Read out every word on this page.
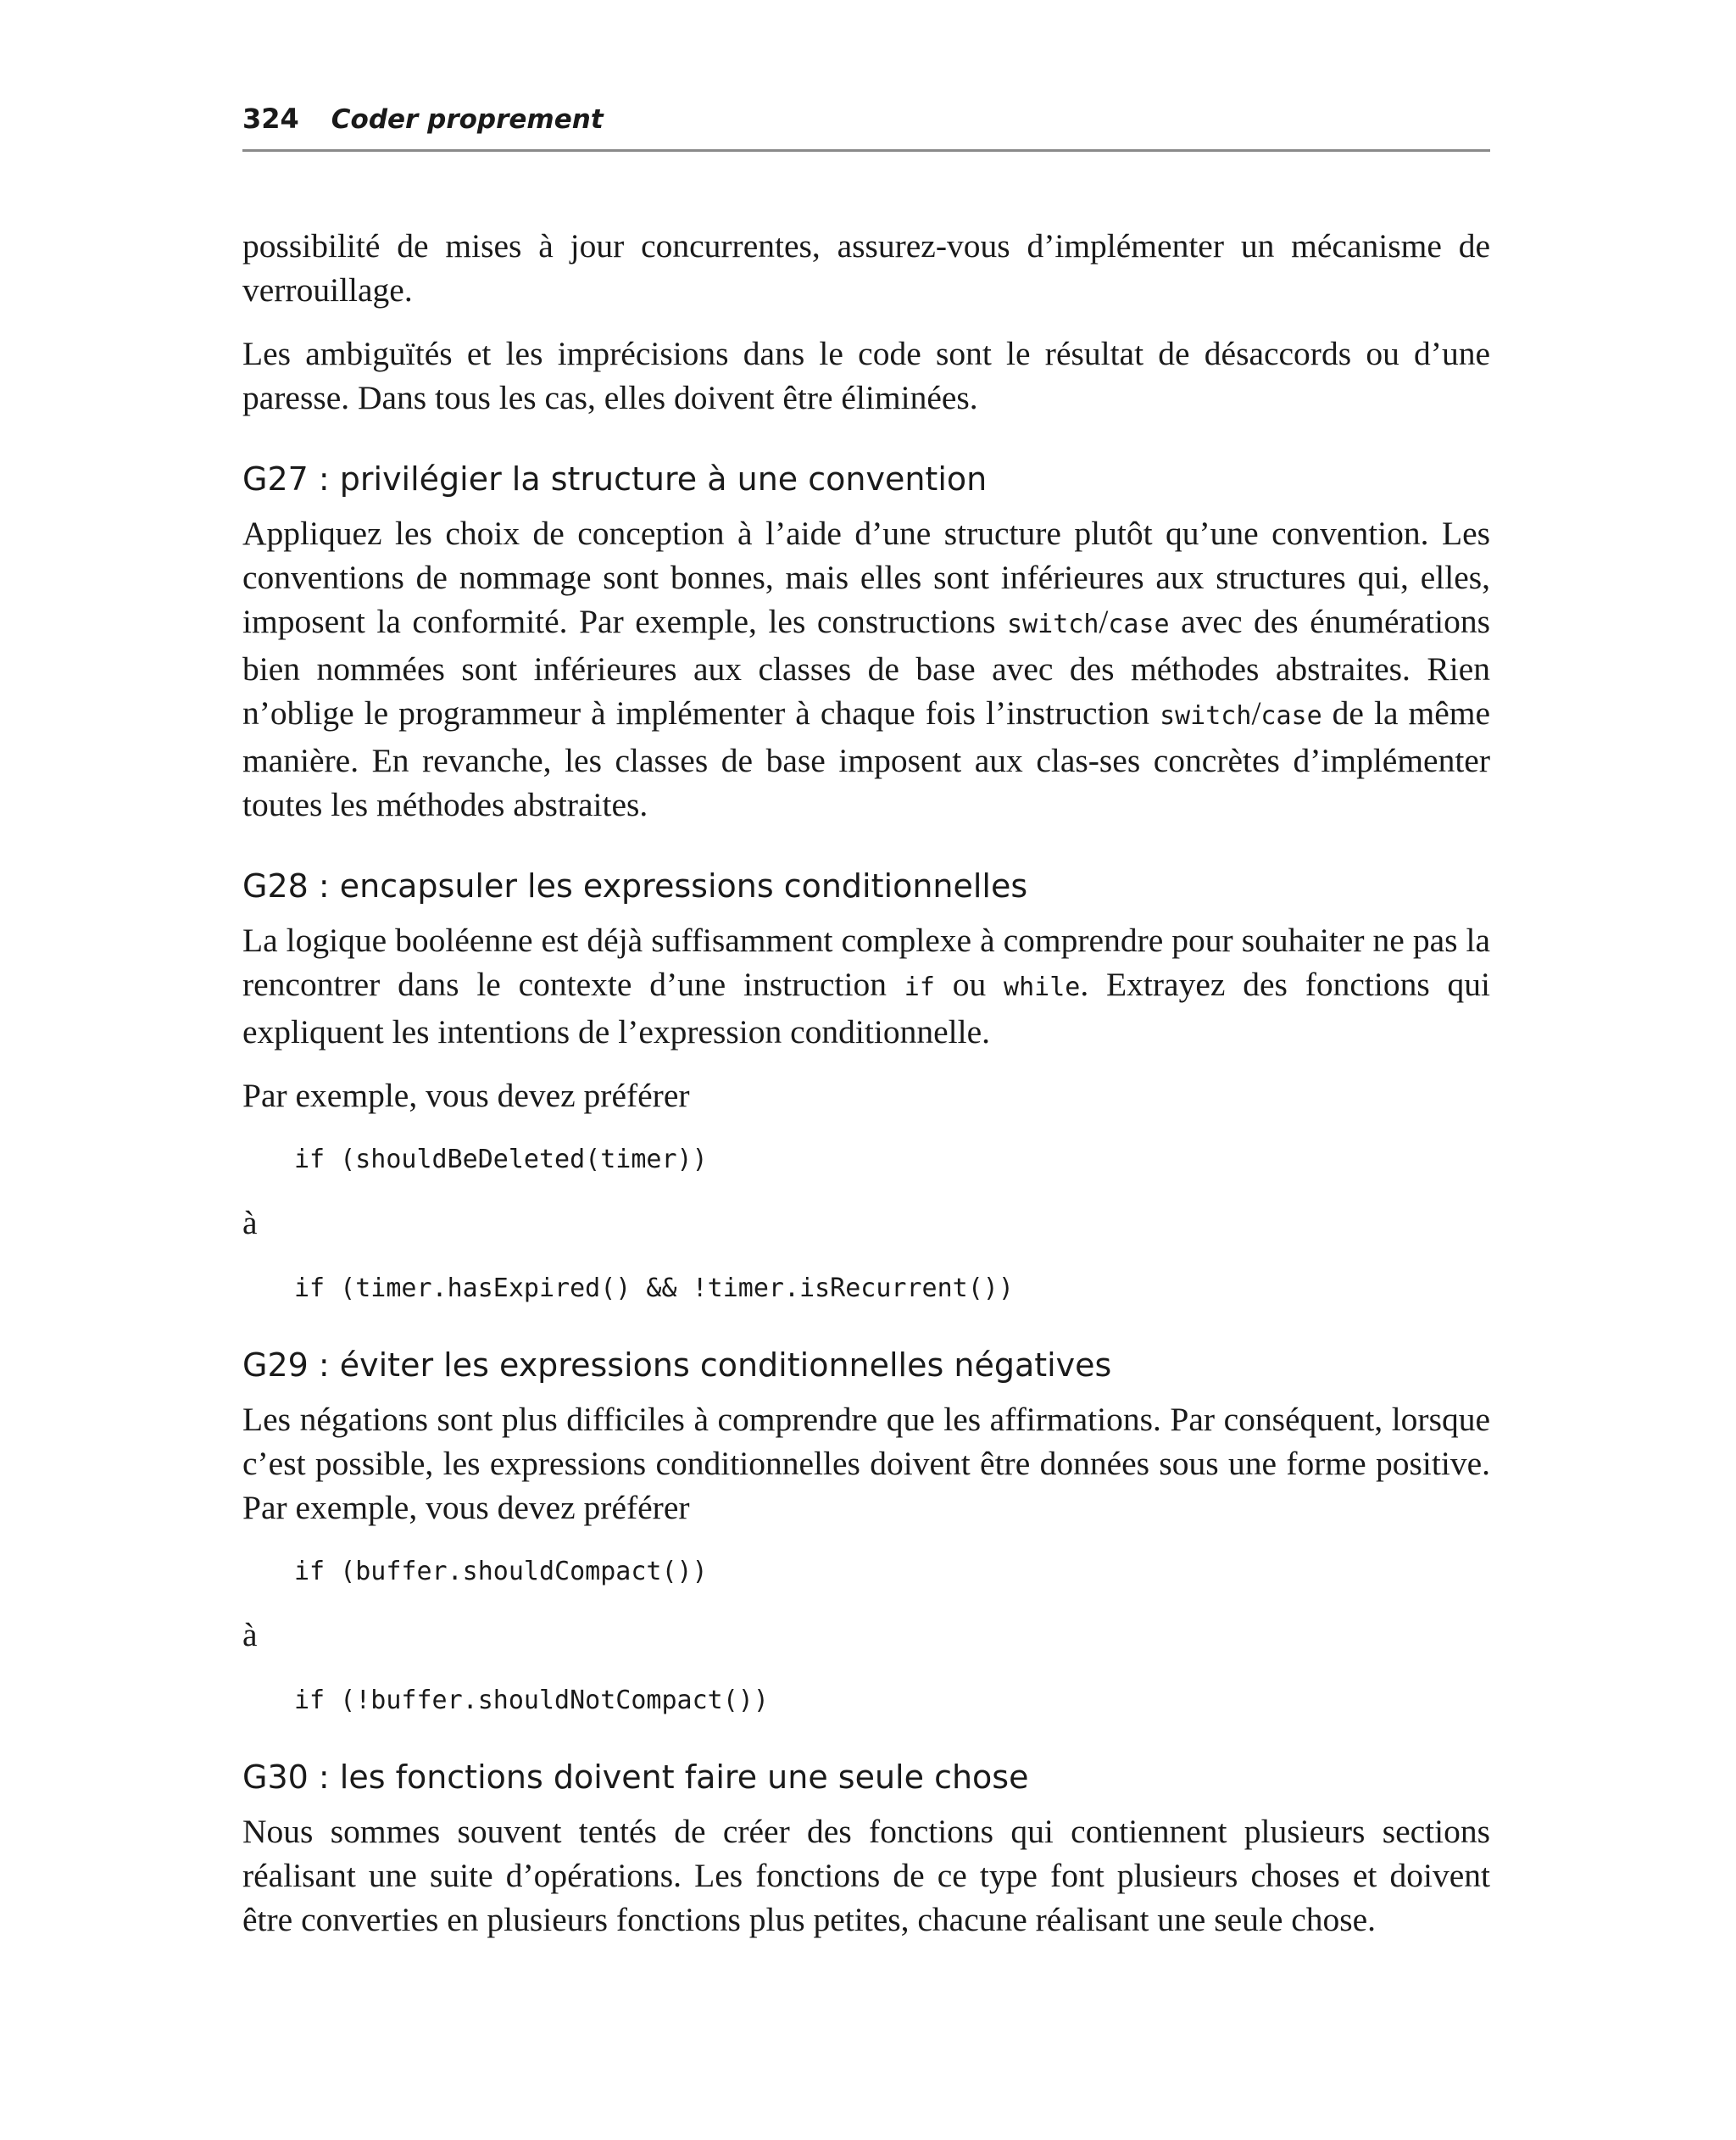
324 Coder proprement

possibilité de mises à jour concurrentes, assurez-vous d’implémenter un mécanisme de verrouillage.

Les ambiguïtés et les imprécisions dans le code sont le résultat de désaccords ou d’une paresse. Dans tous les cas, elles doivent être éliminées.

G27 : privilégier la structure à une convention

Appliquez les choix de conception à l’aide d’une structure plutôt qu’une convention. Les conventions de nommage sont bonnes, mais elles sont inférieures aux structures qui, elles, imposent la conformité. Par exemple, les constructions switch/case avec des énumérations bien nommées sont inférieures aux classes de base avec des méthodes abstraites. Rien n’oblige le programmeur à implémenter à chaque fois l’instruction switch/case de la même manière. En revanche, les classes de base imposent aux clas-ses concrètes d’implémenter toutes les méthodes abstraites.

G28 : encapsuler les expressions conditionnelles

La logique booléenne est déjà suffisamment complexe à comprendre pour souhaiter ne pas la rencontrer dans le contexte d’une instruction if ou while. Extrayez des fonctions qui expliquent les intentions de l’expression conditionnelle.

Par exemple, vous devez préférer

if (shouldBeDeleted(timer))
à
if (timer.hasExpired() && !timer.isRecurrent())
G29 : éviter les expressions conditionnelles négatives

Les négations sont plus difficiles à comprendre que les affirmations. Par conséquent, lorsque c’est possible, les expressions conditionnelles doivent être données sous une forme positive. Par exemple, vous devez préférer

if (buffer.shouldCompact())
à
if (!buffer.shouldNotCompact())
G30 : les fonctions doivent faire une seule chose

Nous sommes souvent tentés de créer des fonctions qui contiennent plusieurs sections réalisant une suite d’opérations. Les fonctions de ce type font plusieurs choses et doivent être converties en plusieurs fonctions plus petites, chacune réalisant une seule chose.
